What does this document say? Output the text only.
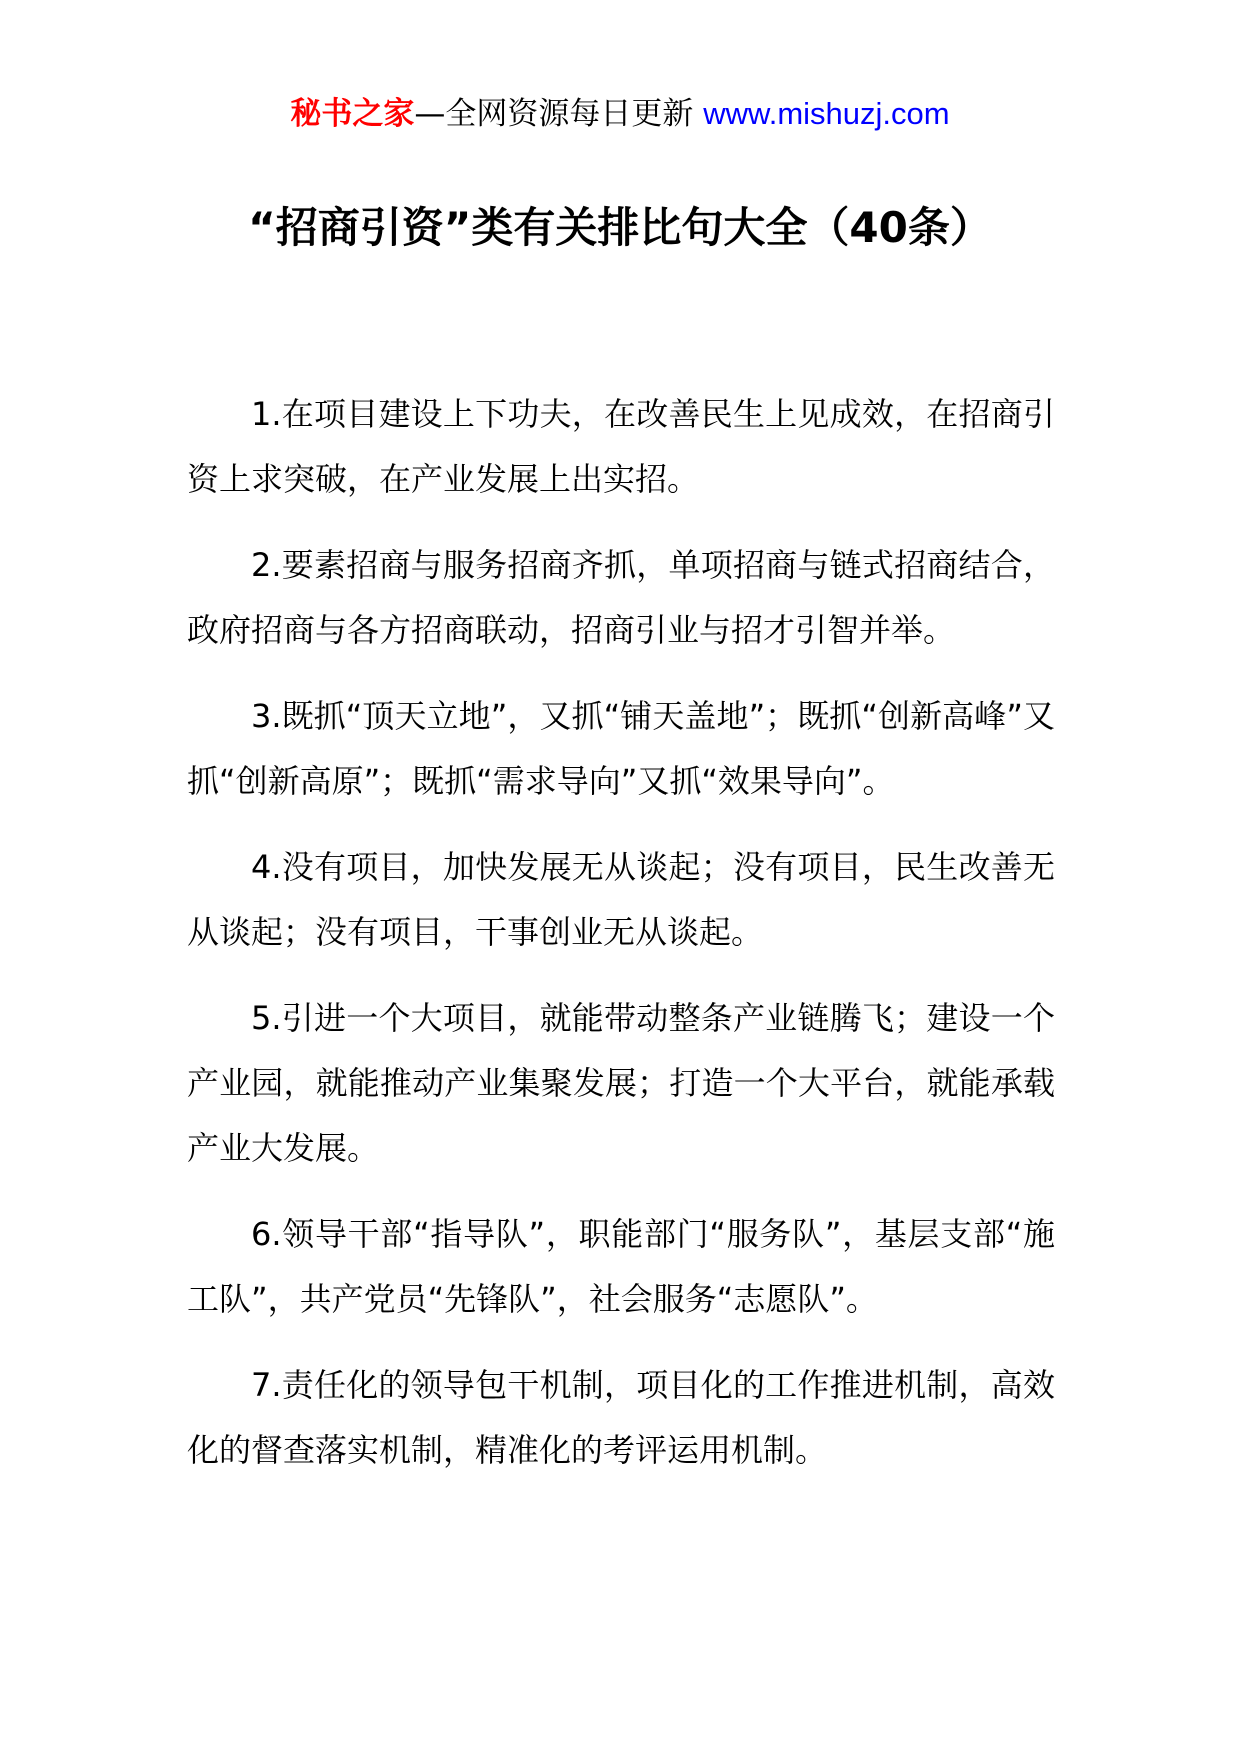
秘书之家—全网资源每日更新 www.mishuzj.com
“招商引资”类有关排比句大全（40条）

1.在项目建设上下功夫，在改善民生上见成效，在招商引资上求突破，在产业发展上出实招。

2.要素招商与服务招商齐抓，单项招商与链式招商结合，政府招商与各方招商联动，招商引业与招才引智并举。

3.既抓“顶天立地”，又抓“铺天盖地”；既抓“创新高峰”又抓“创新高原”；既抓“需求导向”又抓“效果导向”。

4.没有项目，加快发展无从谈起；没有项目，民生改善无从谈起；没有项目，干事创业无从谈起。

5.引进一个大项目，就能带动整条产业链腾飞；建设一个产业园，就能推动产业集聚发展；打造一个大平台，就能承载产业大发展。

6.领导干部“指导队”，职能部门“服务队”，基层支部“施工队”，共产党员“先锋队”，社会服务“志愿队”。

7.责任化的领导包干机制，项目化的工作推进机制，高效化的督查落实机制，精准化的考评运用机制。
